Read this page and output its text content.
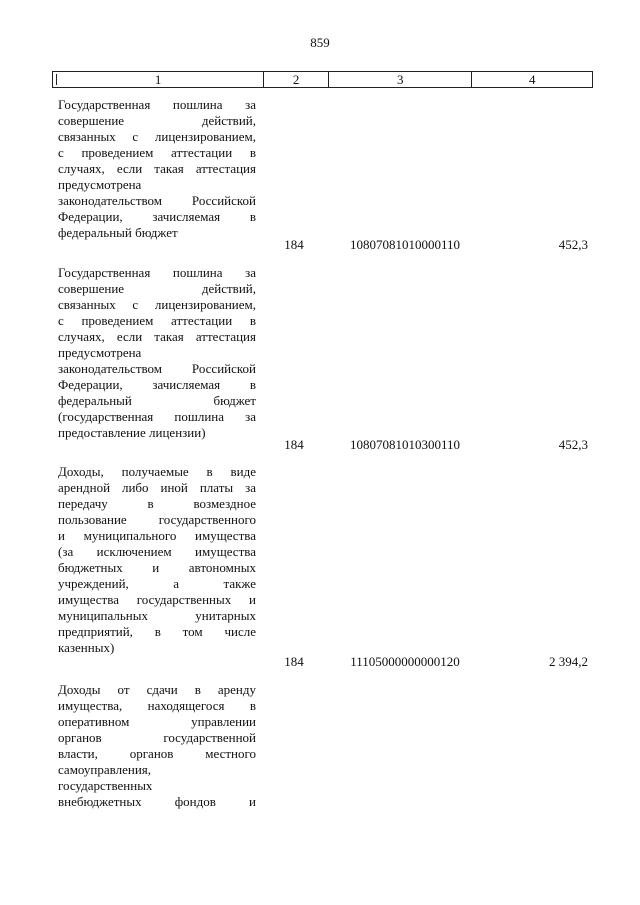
859
1	2	3	4
Государственная пошлина за
совершение действий,
связанных с лицензированием,
с проведением аттестации в
случаях, если такая аттестация
предусмотрена
законодательством Российской
Федерации, зачисляемая в
федеральный бюджет
184	10807081010000110	452,3
Государственная пошлина за
совершение действий,
связанных с лицензированием,
с проведением аттестации в
случаях, если такая аттестация
предусмотрена
законодательством Российской
Федерации, зачисляемая в
федеральный бюджет
(государственная пошлина за
предоставление лицензии)
184	10807081010300110	452,3
Доходы, получаемые в виде
арендной либо иной платы за
передачу в возмездное
пользование государственного
и муниципального имущества
(за исключением имущества
бюджетных и автономных
учреждений, а также
имущества государственных и
муниципальных унитарных
предприятий, в том числе
казенных)
184	11105000000000120	2 394,2
Доходы от сдачи в аренду
имущества, находящегося в
оперативном управлении
органов государственной
власти, органов местного
самоуправления,
государственных
внебюджетных фондов и
